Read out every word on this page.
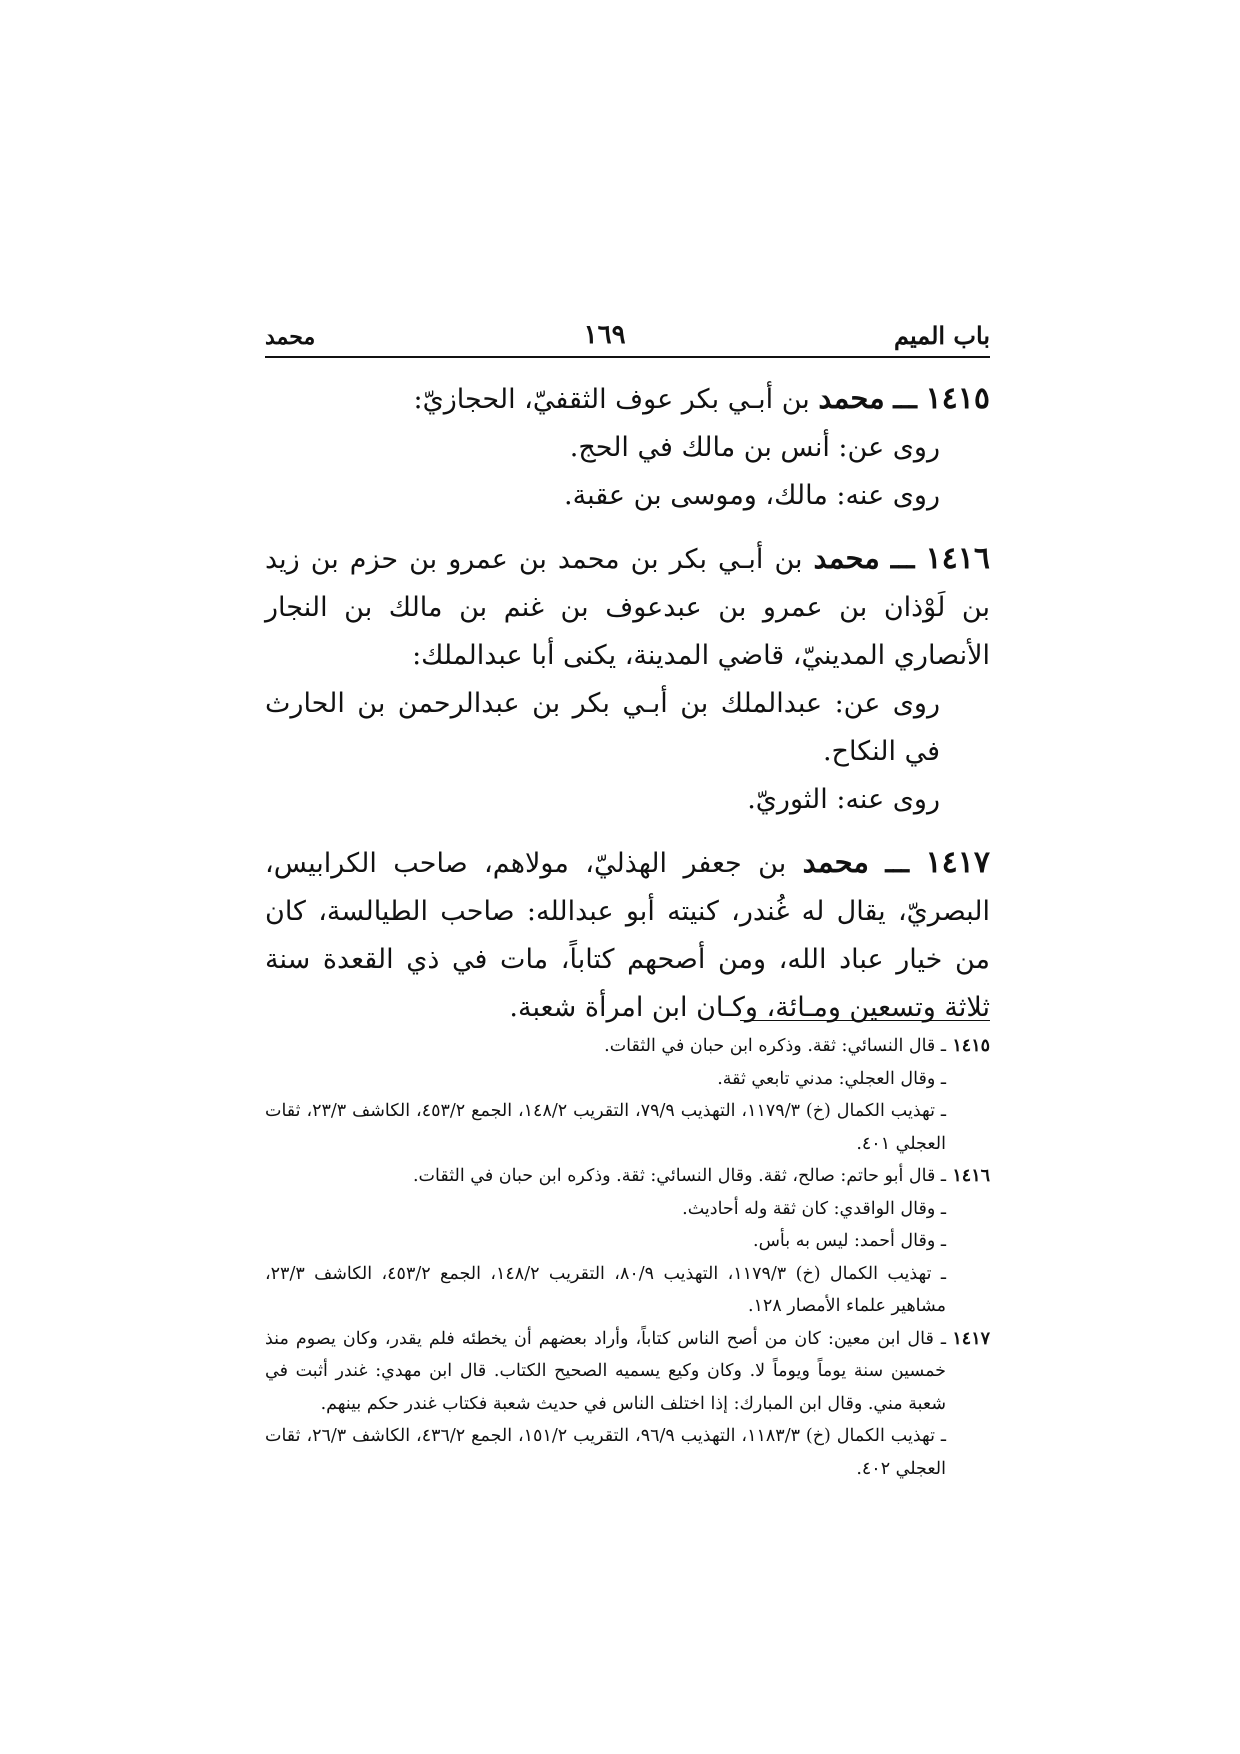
باب الميم
١٦٩
محمد

١٤١٥ ـــ محمد بن أبـي بكر عوف الثقفيّ، الحجازيّ:

روى عن: أنس بن مالك في الحج.

روى عنه: مالك، وموسى بن عقبة.

١٤١٦ ـــ محمد بن أبـي بكر بن محمد بن عمرو بن حزم بن زيد بن لَوْذان بن عمرو بن عبدعوف بن غنم بن مالك بن النجار الأنصاري المدينيّ، قاضي المدينة، يكنى أبا عبدالملك:

روى عن: عبدالملك بن أبـي بكر بن عبدالرحمن بن الحارث في النكاح.

روى عنه: الثوريّ.

١٤١٧ ـــ محمد بن جعفر الهذليّ، مولاهم، صاحب الكرابيس، البصريّ، يقال له غُندر، كنيته أبو عبدالله: صاحب الطيالسة، كان من خيار عباد الله، ومن أصحهم كتاباً، مات في ذي القعدة سنة ثلاثة وتسعين ومـائة، وكـان ابن امرأة شعبة.

١٤١٥

ـ قال النسائي: ثقة. وذكره ابن حبان في الثقات.

ـ وقال العجلي: مدني تابعي ثقة.

ـ تهذيب الكمال (خ) ١١٧٩/٣، التهذيب ٧٩/٩، التقريب ١٤٨/٢، الجمع ٤٥٣/٢، الكاشف ٢٣/٣، ثقات العجلي ٤٠١.

١٤١٦

ـ قال أبو حاتم: صالح، ثقة. وقال النسائي: ثقة. وذكره ابن حبان في الثقات.

ـ وقال الواقدي: كان ثقة وله أحاديث.

ـ وقال أحمد: ليس به بأس.

ـ تهذيب الكمال (خ) ١١٧٩/٣، التهذيب ٨٠/٩، التقريب ١٤٨/٢، الجمع ٤٥٣/٢، الكاشف ٢٣/٣، مشاهير علماء الأمصار ١٢٨.

١٤١٧

ـ قال ابن معين: كان من أصح الناس كتاباً، وأراد بعضهم أن يخطئه فلم يقدر، وكان يصوم منذ خمسين سنة يوماً ويوماً لا. وكان وكيع يسميه الصحيح الكتاب. قال ابن مهدي: غندر أثبت في شعبة مني. وقال ابن المبارك: إذا اختلف الناس في حديث شعبة فكتاب غندر حكم بينهم.

ـ تهذيب الكمال (خ) ١١٨٣/٣، التهذيب ٩٦/٩، التقريب ١٥١/٢، الجمع ٤٣٦/٢، الكاشف ٢٦/٣، ثقات العجلي ٤٠٢.
